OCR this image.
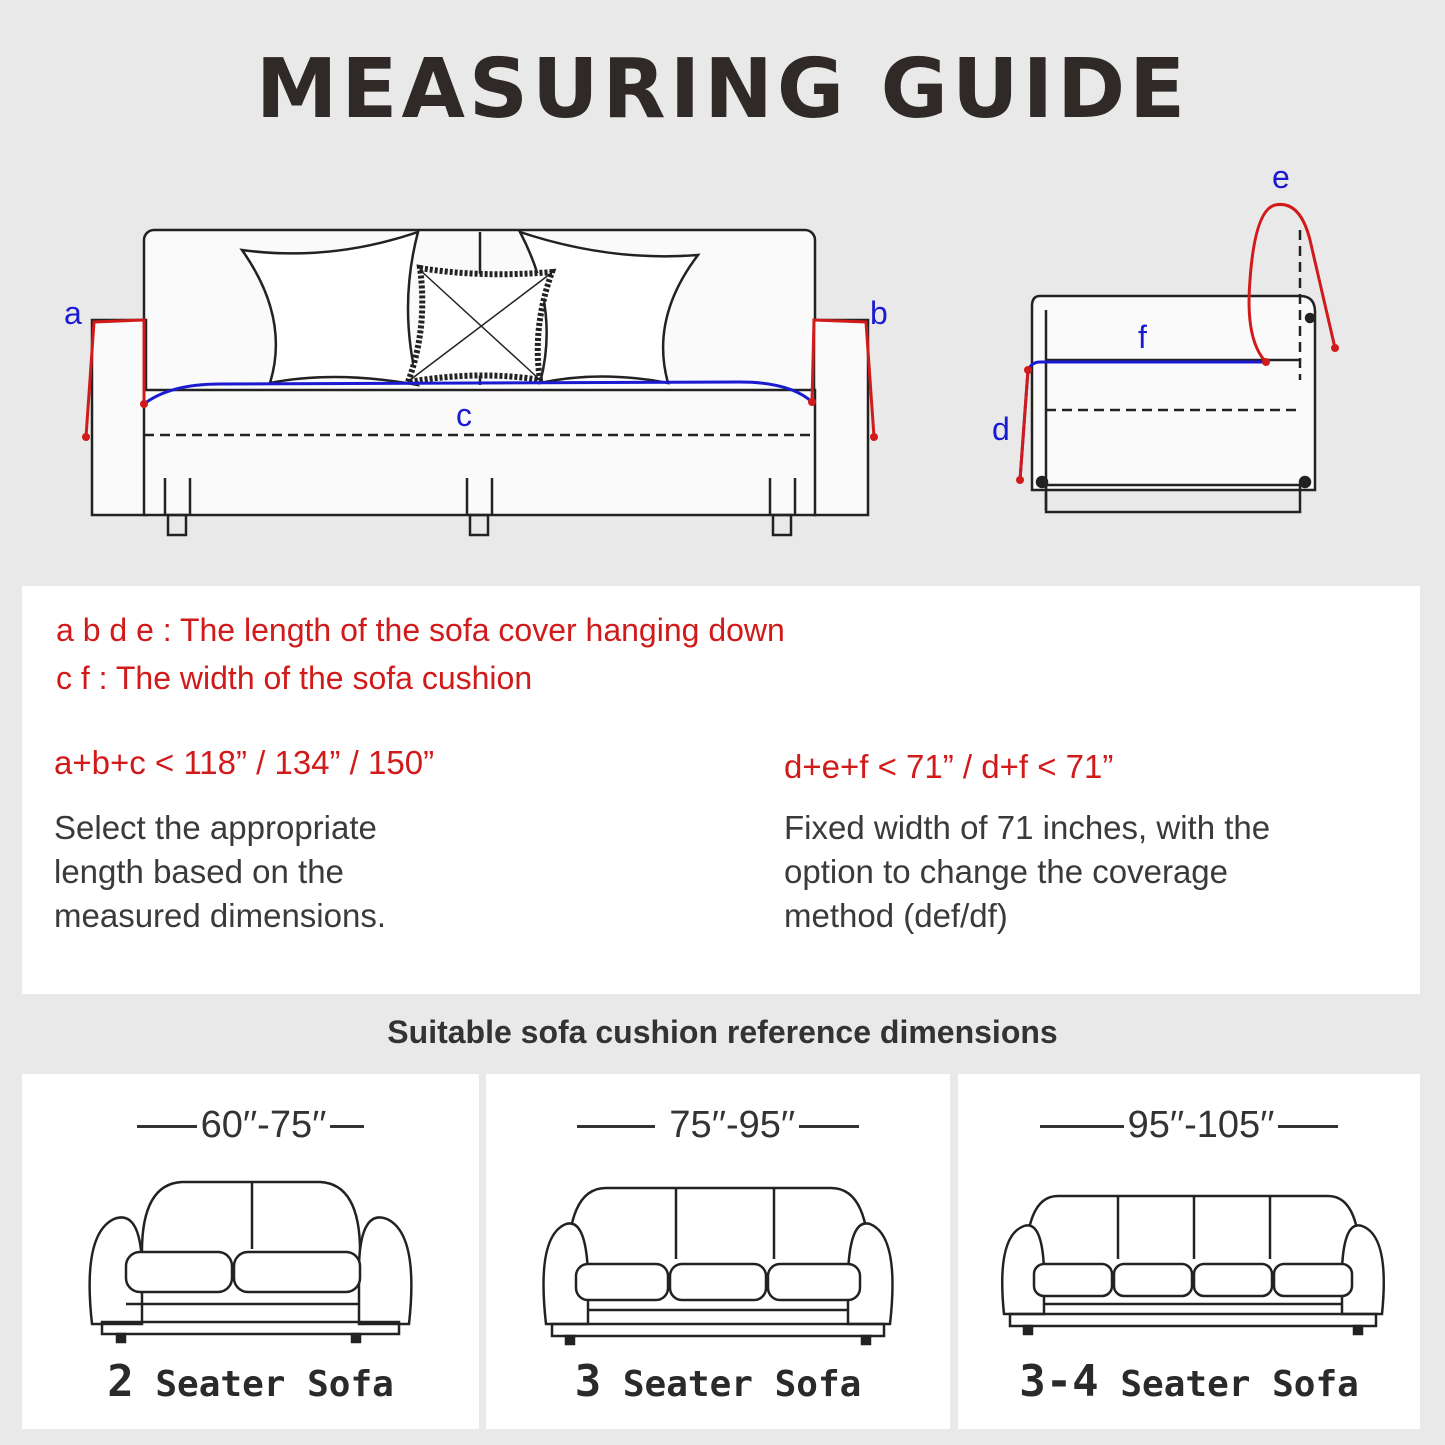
MEASURING GUIDE
a	b
c	d
e
f
a b d e : The length of the sofa cover hanging down
c f : The width of the sofa cushion
a+b+c < 118” / 134” / 150”
Select the appropriate
length based on the
measured dimensions.
d+e+f < 71” / d+f < 71”
Fixed width of 71 inches, with the
option to change the coverage
method (def/df)
Suitable sofa cushion reference dimensions
60′′-75′′
2 Seater Sofa
75′′-95′′
3 Seater Sofa
95′′-105′′
3-4 Seater Sofa
